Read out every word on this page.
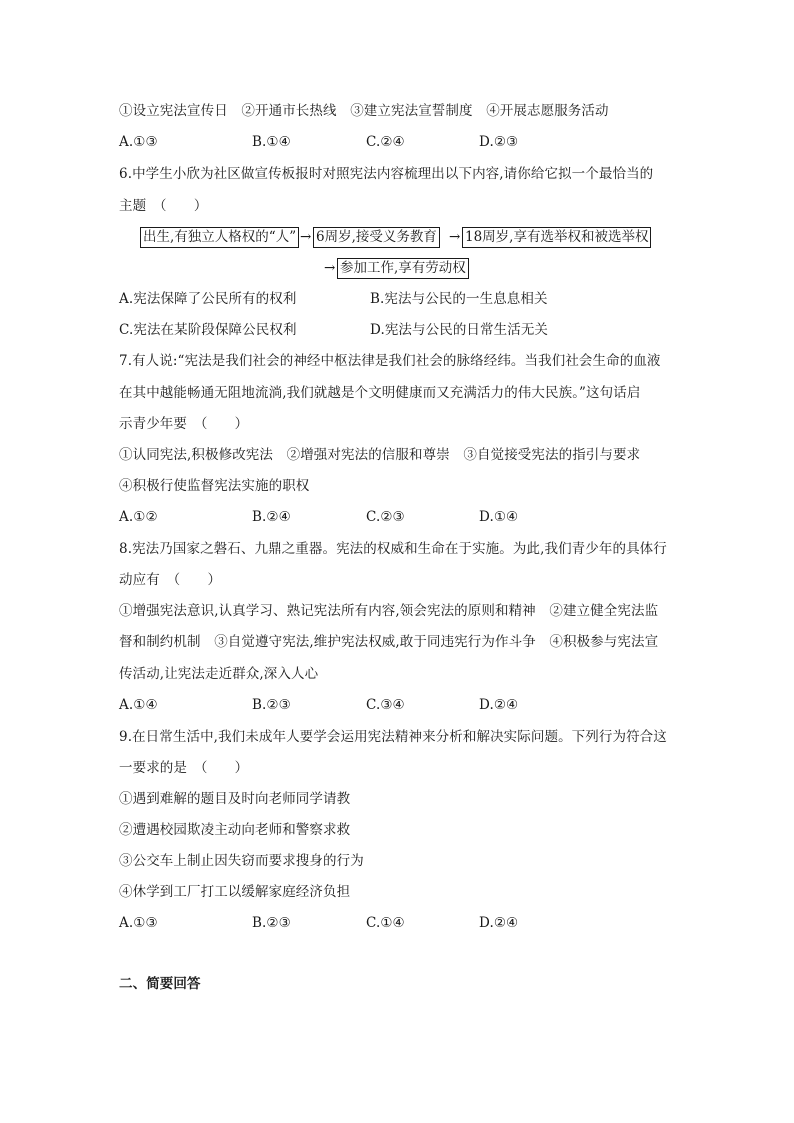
①设立宪法宣传日　②开通市长热线　③建立宪法宣誓制度　④开展志愿服务活动
A.①③	B.①④	C.②④	D.②③
6.中学生小欣为社区做宣传板报时对照宪法内容梳理出以下内容,请你给它拟一个最恰当的
主题　（　　）
出生,有独立人格权的“人” → 6周岁,接受义务教育 → 18周岁,享有选举权和被选举权
→ 参加工作,享有劳动权
A.宪法保障了公民所有的权利	B.宪法与公民的一生息息相关
C.宪法在某阶段保障公民权利	D.宪法与公民的日常生活无关
7.有人说:“宪法是我们社会的神经中枢法律是我们社会的脉络经纬。当我们社会生命的血液
在其中越能畅通无阻地流淌,我们就越是个文明健康而又充满活力的伟大民族。”这句话启
示青少年要　（　　）
①认同宪法,积极修改宪法　②增强对宪法的信服和尊崇　③自觉接受宪法的指引与要求
④积极行使监督宪法实施的职权
A.①②	B.②④	C.②③	D.①④
8.宪法乃国家之磐石、九鼎之重器。宪法的权威和生命在于实施。为此,我们青少年的具体行
动应有　（　　）
①增强宪法意识,认真学习、熟记宪法所有内容,领会宪法的原则和精神　②建立健全宪法监
督和制约机制　③自觉遵守宪法,维护宪法权威,敢于同违宪行为作斗争　④积极参与宪法宣
传活动,让宪法走近群众,深入人心
A.①④	B.②③	C.③④	D.②④
9.在日常生活中,我们未成年人要学会运用宪法精神来分析和解决实际问题。下列行为符合这
一要求的是　（　　）
①遇到难解的题目及时向老师同学请教
②遭遇校园欺凌主动向老师和警察求救
③公交车上制止因失窃而要求搜身的行为
④休学到工厂打工以缓解家庭经济负担
A.①③	B.②③	C.①④	D.②④
二、简要回答
